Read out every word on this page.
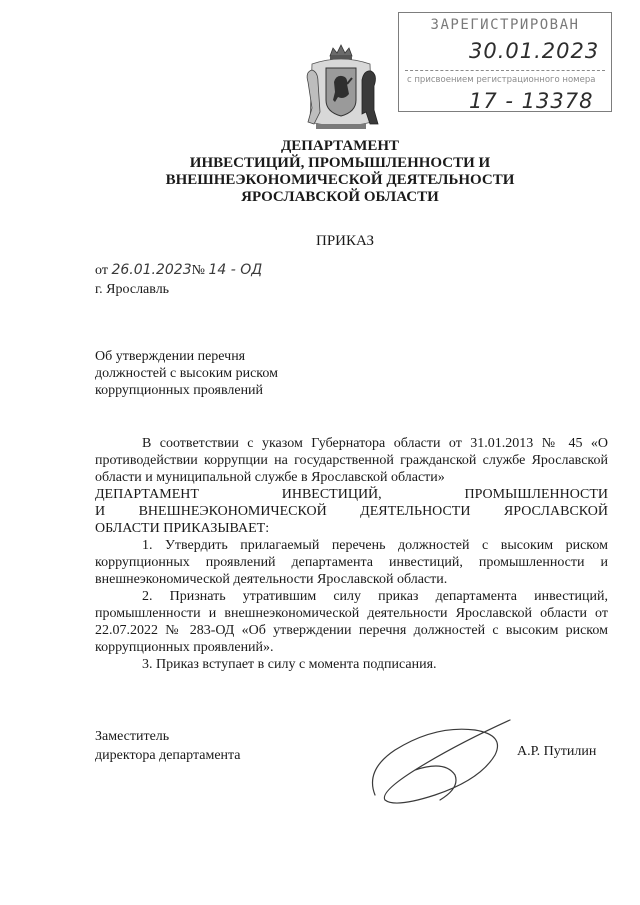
ЗАРЕГИСТРИРОВАН
30.01.2023
с присвоением регистрационного номера
17 - 13378
ДЕПАРТАМЕНТ
ИНВЕСТИЦИЙ, ПРОМЫШЛЕННОСТИ И
ВНЕШНЕЭКОНОМИЧЕСКОЙ ДЕЯТЕЛЬНОСТИ
ЯРОСЛАВСКОЙ ОБЛАСТИ
ПРИКАЗ
от 26.01.2023№ 14 - ОД
г. Ярославль
Об утверждении перечня
должностей с высоким риском
коррупционных проявлений

В соответствии с указом Губернатора области от 31.01.2013 № 45 «О противодействии коррупции на государственной гражданской службе Ярославской области и муниципальной службе в Ярославской области»

ДЕПАРТАМЕНТ ИНВЕСТИЦИЙ, ПРОМЫШЛЕННОСТИ

И ВНЕШНЕЭКОНОМИЧЕСКОЙ ДЕЯТЕЛЬНОСТИ ЯРОСЛАВСКОЙ

ОБЛАСТИ ПРИКАЗЫВАЕТ:

1. Утвердить прилагаемый перечень должностей с высоким риском коррупционных проявлений департамента инвестиций, промышленности и внешнеэкономической деятельности Ярославской области.

2. Признать утратившим силу приказ департамента инвестиций, промышленности и внешнеэкономической деятельности Ярославской области от 22.07.2022 № 283-ОД «Об утверждении перечня должностей с высоким риском коррупционных проявлений».

3. Приказ вступает в силу с момента подписания.

Заместитель
директора департамента	А.Р. Путилин
